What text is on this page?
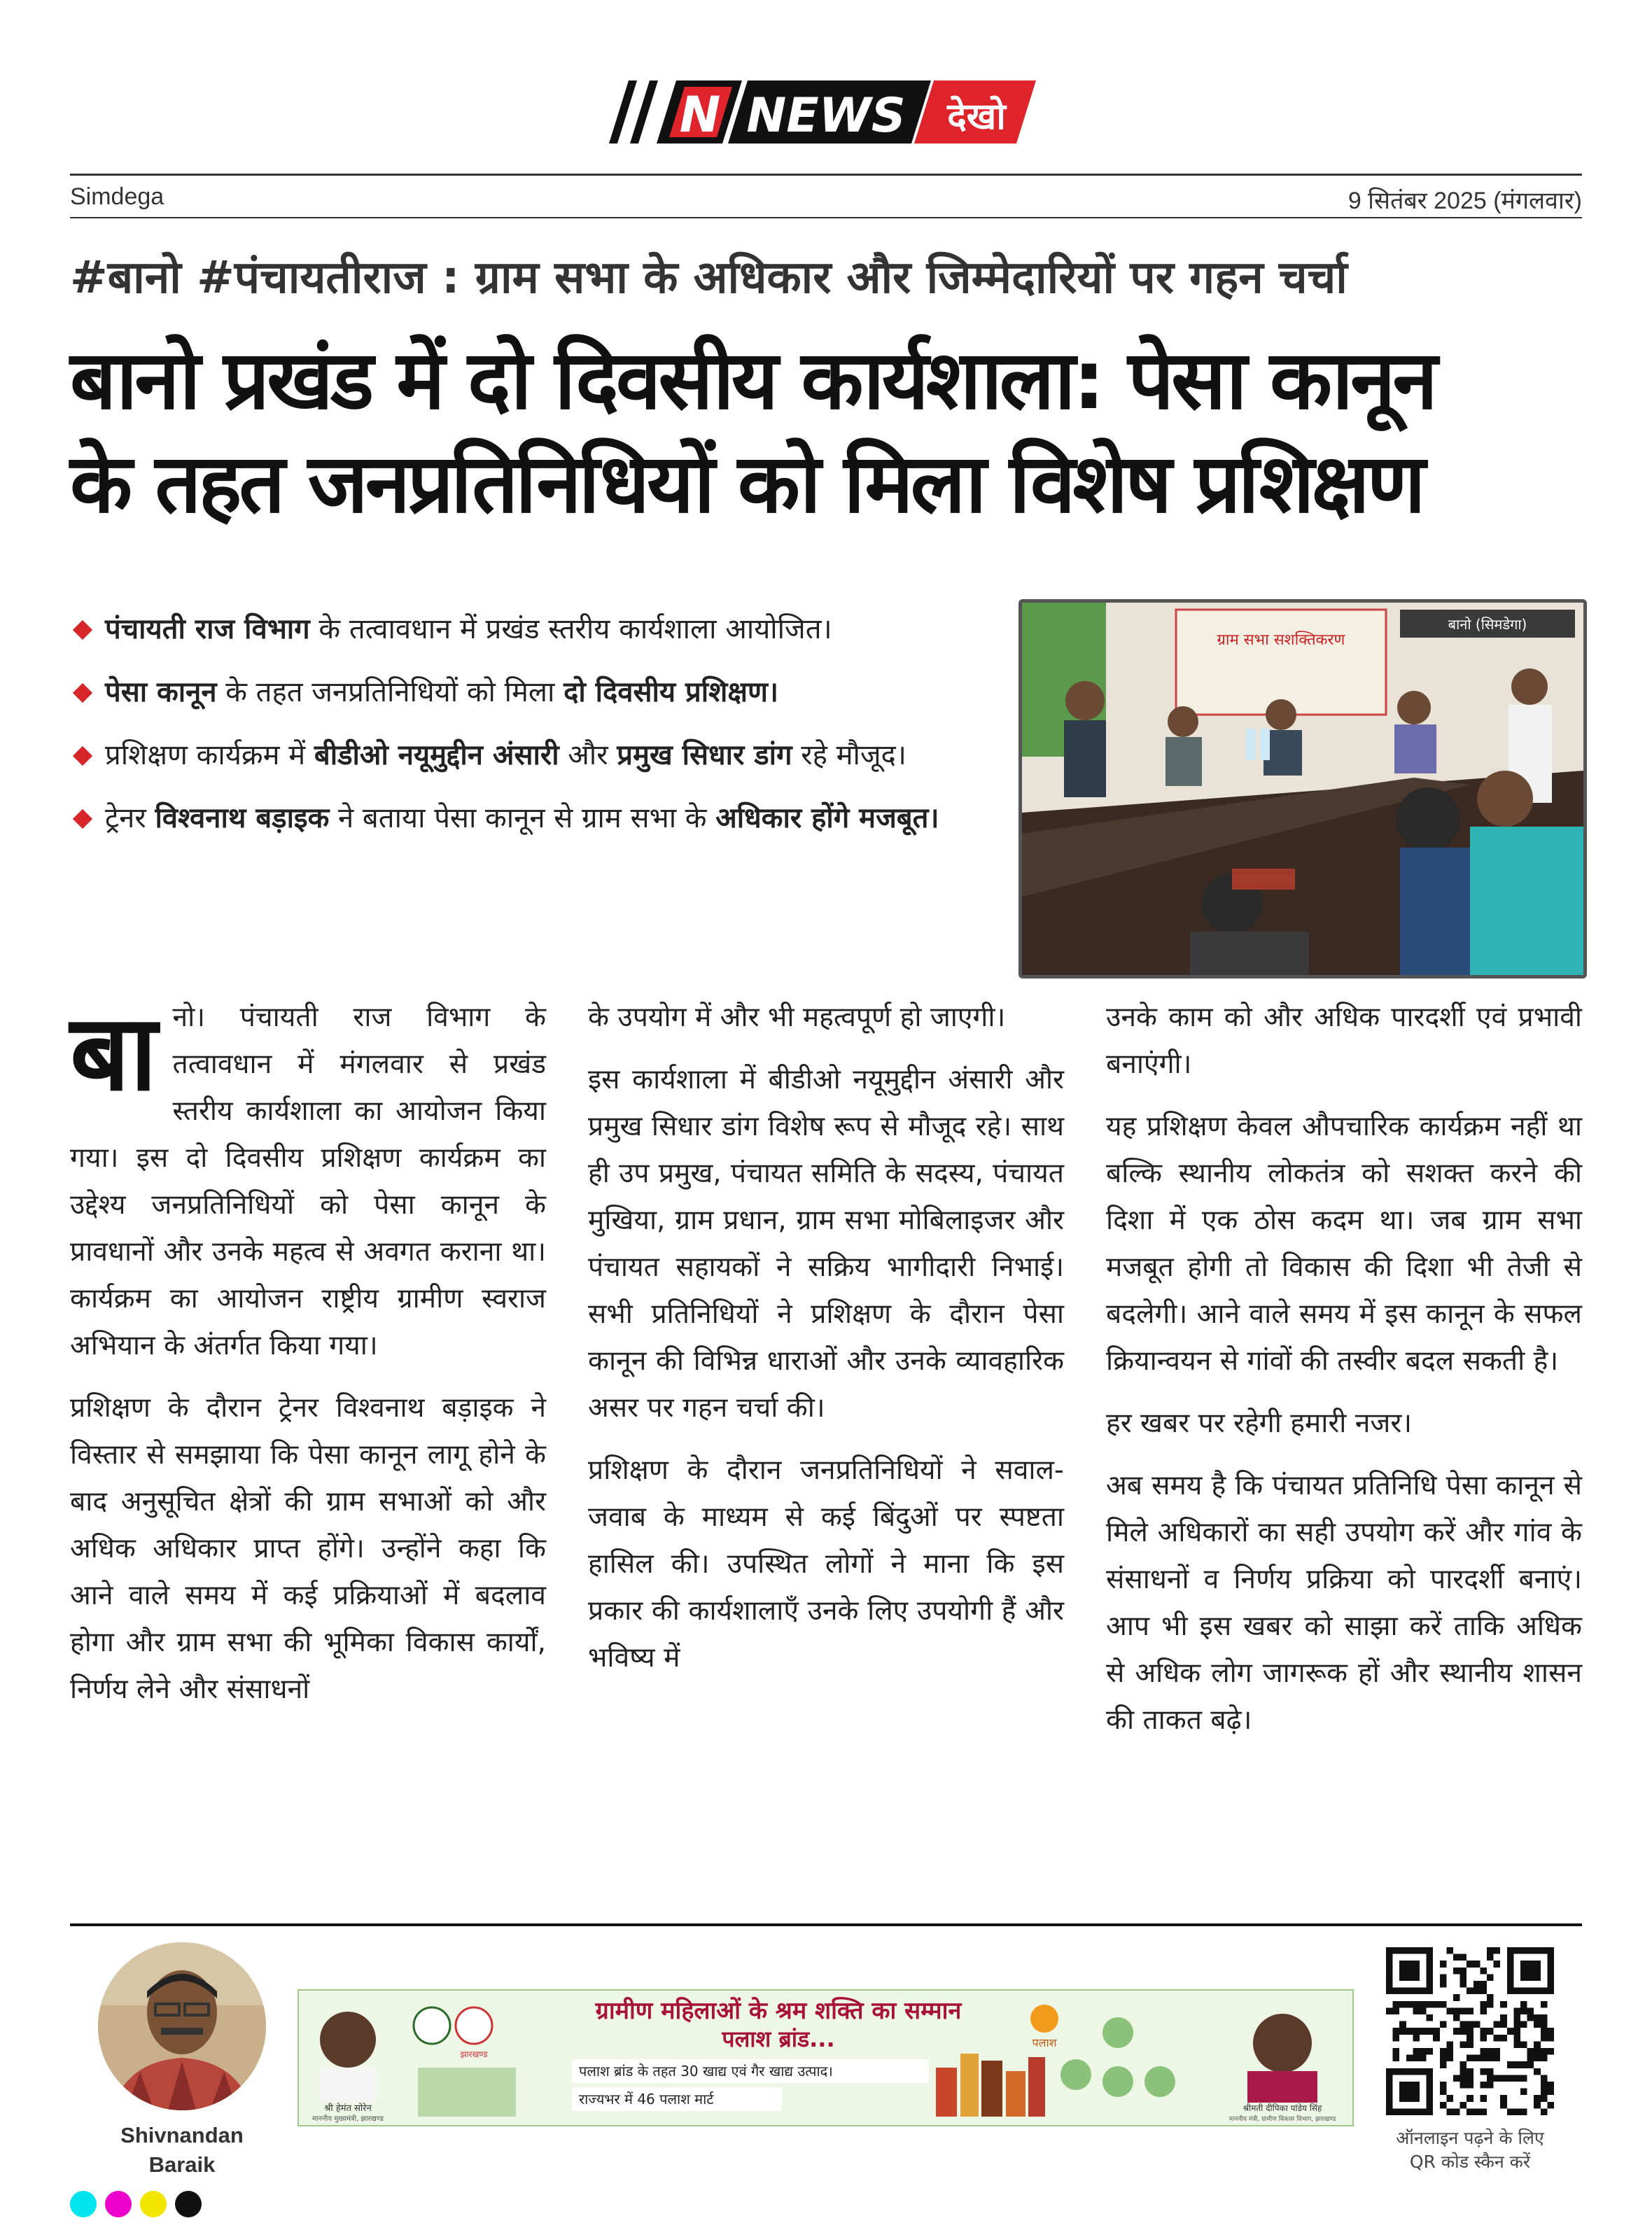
N NEWS देखो
Simdega	9 सितंबर 2025 (मंगलवार)
#बानो #पंचायतीराज : ग्राम सभा के अधिकार और जिम्मेदारियों पर गहन चर्चा
बानो प्रखंड में दो दिवसीय कार्यशाला: पेसा कानून
के तहत जनप्रतिनिधियों को मिला विशेष प्रशिक्षण
पंचायती राज विभाग के तत्वावधान में प्रखंड स्तरीय कार्यशाला आयोजित।
पेसा कानून के तहत जनप्रतिनिधियों को मिला दो दिवसीय प्रशिक्षण।
प्रशिक्षण कार्यक्रम में बीडीओ नयूमुद्दीन अंसारी और प्रमुख सिधार डांग रहे मौजूद।
ट्रेनर विश्वनाथ बड़ाइक ने बताया पेसा कानून से ग्राम सभा के अधिकार होंगे मजबूत।
ग्राम सभा सशक्तिकरण
बानो (सिमडेगा)

बानो। पंचायती राज विभाग के तत्वावधान में मंगलवार से प्रखंड स्तरीय कार्यशाला का आयोजन किया गया। इस दो दिवसीय प्रशिक्षण कार्यक्रम का उद्देश्य जनप्रतिनिधियों को पेसा कानून के प्रावधानों और उनके महत्व से अवगत कराना था। कार्यक्रम का आयोजन राष्ट्रीय ग्रामीण स्वराज अभियान के अंतर्गत किया गया।

प्रशिक्षण के दौरान ट्रेनर विश्वनाथ बड़ाइक ने विस्तार से समझाया कि पेसा कानून लागू होने के बाद अनुसूचित क्षेत्रों की ग्राम सभाओं को और अधिक अधिकार प्राप्त होंगे। उन्होंने कहा कि आने वाले समय में कई प्रक्रियाओं में बदलाव होगा और ग्राम सभा की भूमिका विकास कार्यों, निर्णय लेने और संसाधनों

के उपयोग में और भी महत्वपूर्ण हो जाएगी।

इस कार्यशाला में बीडीओ नयूमुद्दीन अंसारी और प्रमुख सिधार डांग विशेष रूप से मौजूद रहे। साथ ही उप प्रमुख, पंचायत समिति के सदस्य, पंचायत मुखिया, ग्राम प्रधान, ग्राम सभा मोबिलाइजर और पंचायत सहायकों ने सक्रिय भागीदारी निभाई। सभी प्रतिनिधियों ने प्रशिक्षण के दौरान पेसा कानून की विभिन्न धाराओं और उनके व्यावहारिक असर पर गहन चर्चा की।

प्रशिक्षण के दौरान जनप्रतिनिधियों ने सवाल-जवाब के माध्यम से कई बिंदुओं पर स्पष्टता हासिल की। उपस्थित लोगों ने माना कि इस प्रकार की कार्यशालाएँ उनके लिए उपयोगी हैं और भविष्य में

उनके काम को और अधिक पारदर्शी एवं प्रभावी बनाएंगी।

यह प्रशिक्षण केवल औपचारिक कार्यक्रम नहीं था बल्कि स्थानीय लोकतंत्र को सशक्त करने की दिशा में एक ठोस कदम था। जब ग्राम सभा मजबूत होगी तो विकास की दिशा भी तेजी से बदलेगी। आने वाले समय में इस कानून के सफल क्रियान्वयन से गांवों की तस्वीर बदल सकती है।

हर खबर पर रहेगी हमारी नजर।

अब समय है कि पंचायत प्रतिनिधि पेसा कानून से मिले अधिकारों का सही उपयोग करें और गांव के संसाधनों व निर्णय प्रक्रिया को पारदर्शी बनाएं। आप भी इस खबर को साझा करें ताकि अधिक से अधिक लोग जागरूक हों और स्थानीय शासन की ताकत बढ़े।

Shivnandan
Baraik
श्री हेमंत सोरेन
माननीय मुख्यमंत्री, झारखण्ड
झारखण्ड
ग्रामीण महिलाओं के श्रम शक्ति का सम्मान
पलाश ब्रांड...
पलाश ब्रांड के तहत 30 खाद्य एवं गैर खाद्य उत्पाद।
राज्यभर में 46 पलाश मार्ट
पलाश
श्रीमती दीपिका पांडेय सिंह
माननीय मंत्री, ग्रामीण विकास विभाग, झारखण्ड
ऑनलाइन पढ़ने के लिए
QR कोड स्कैन करें
